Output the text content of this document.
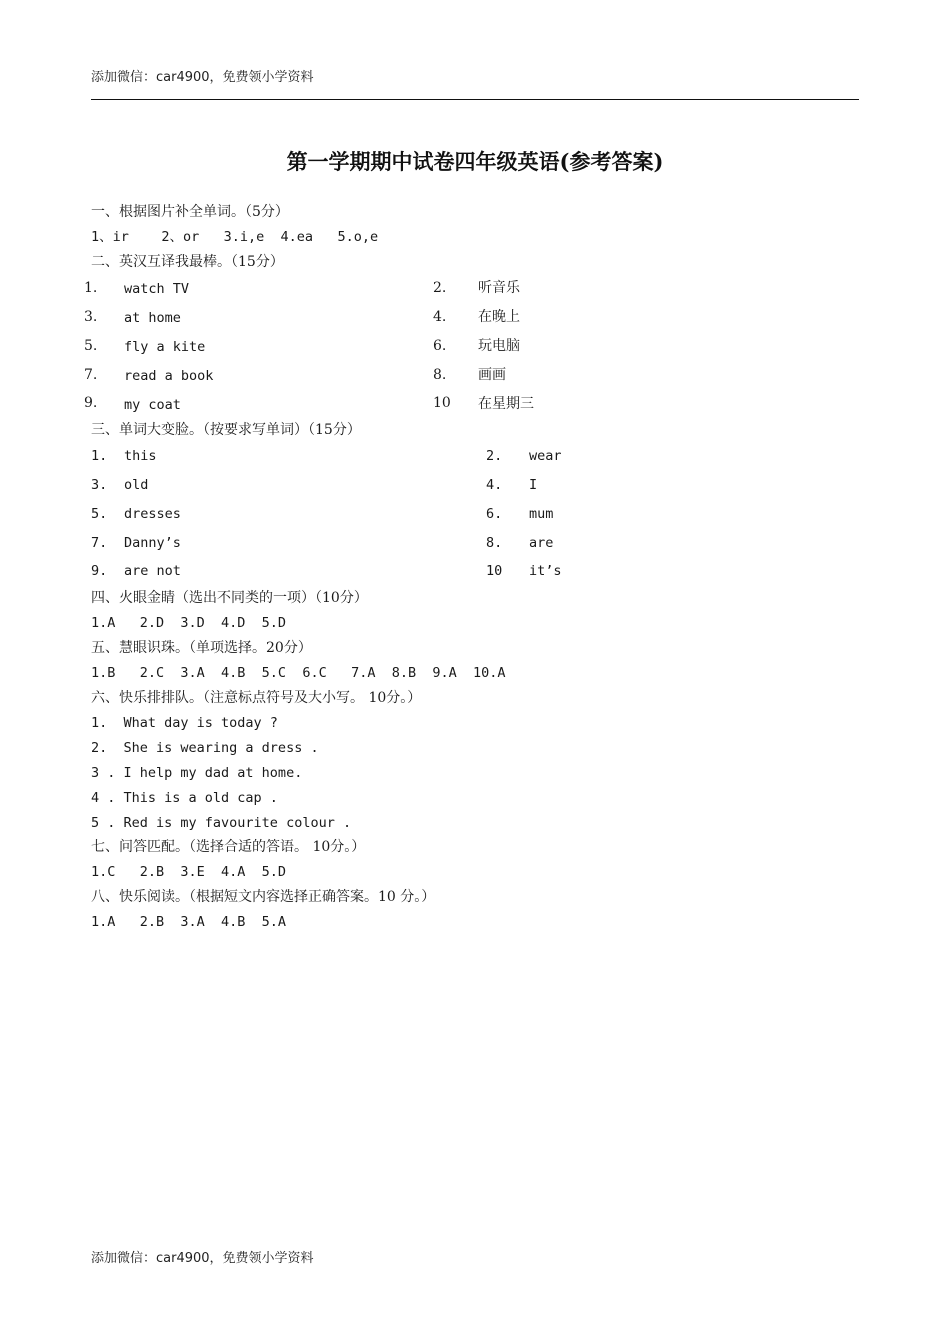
添加微信：car4900，免费领小学资料
第一学期期中试卷四年级英语(参考答案)
一、根据图片补全单词。（5分）
1、ir    2、or   3.i,e  4.ea   5.o,e
二、英汉互译我最棒。（15分）
1. watch TV	2. 听音乐
3. at home	4. 在晚上
5. fly a kite	6. 玩电脑
7. read a book	8. 画画
9. my coat	10 在星期三
三、单词大变脸。（按要求写单词）（15分）
1. this	2. wear
3. old	4. I
5. dresses	6. mum
7. Danny’s	8. are
9. are not	10 it’s
四、火眼金睛（选出不同类的一项）（10分）
1.A   2.D  3.D  4.D  5.D
五、慧眼识珠。（单项选择。20分）
1.B   2.C  3.A  4.B  5.C  6.C   7.A  8.B  9.A  10.A
六、快乐排排队。（注意标点符号及大小写。 10分。）
1.  What day is today ?
2.  She is wearing a dress .
3 . I help my dad at home.
4 . This is a old cap .
5 . Red is my favourite colour .
七、问答匹配。（选择合适的答语。 10分。）
1.C   2.B  3.E  4.A  5.D
八、快乐阅读。（根据短文内容选择正确答案。10 分。）
1.A   2.B  3.A  4.B  5.A
添加微信：car4900，免费领小学资料
